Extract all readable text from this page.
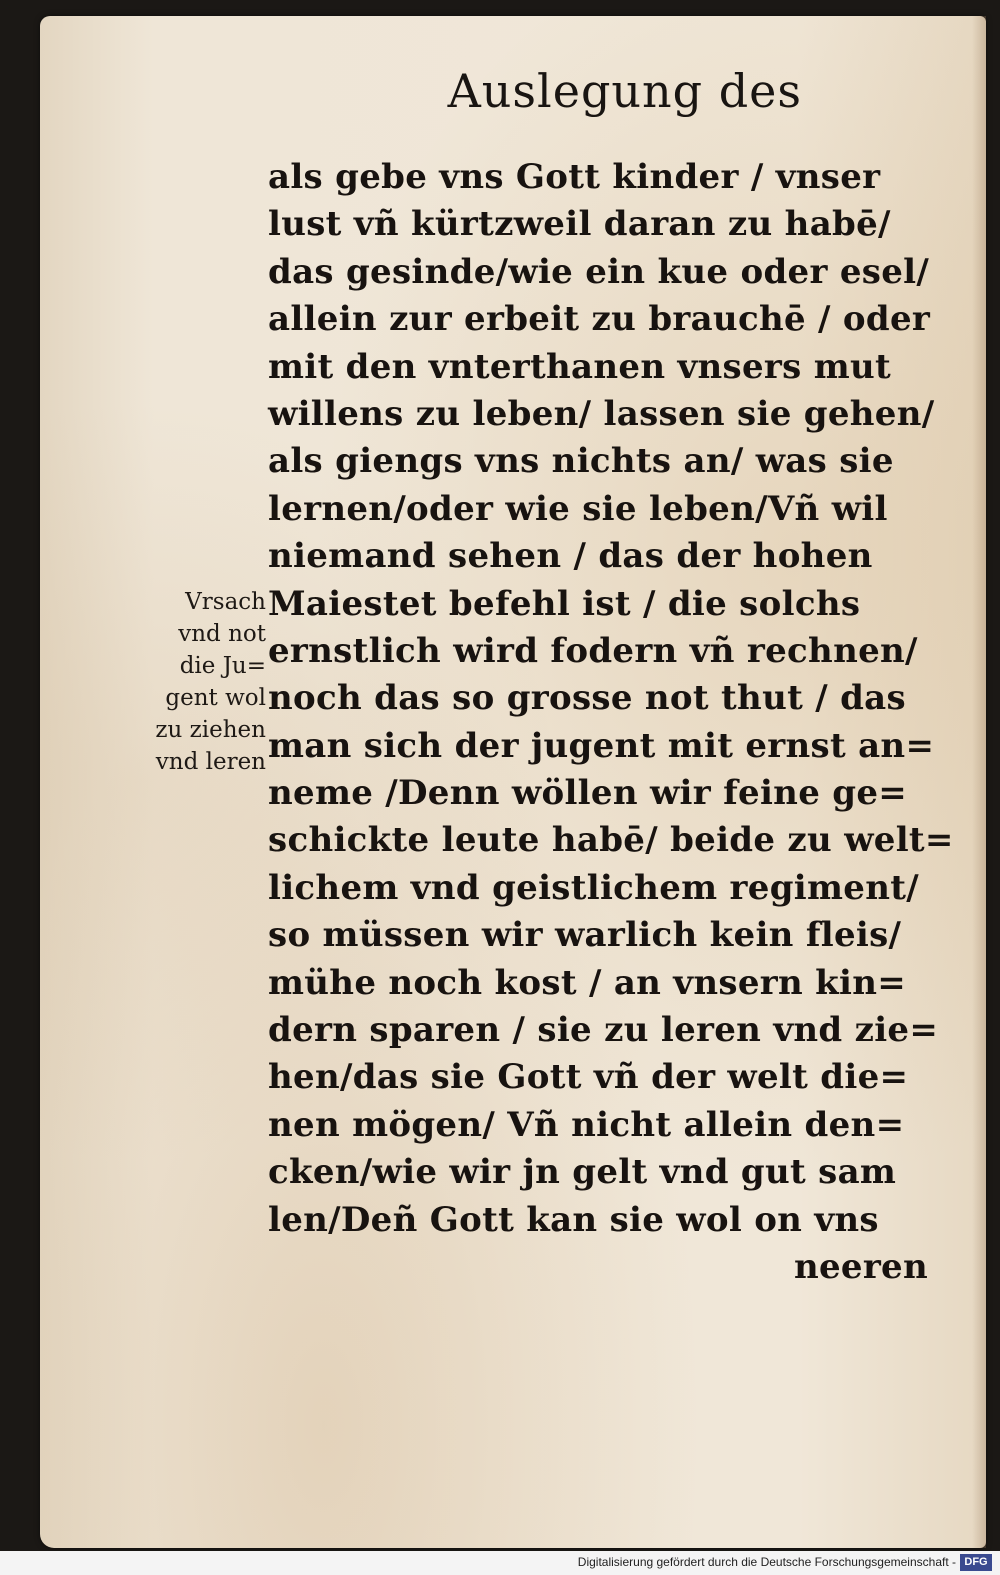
Auslegung des
Vrsach
vnd not
die Ju=
gent wol
zu ziehen
vnd leren
als gebe vns Gott kinder / vnser
lust vñ kürtzweil daran zu habē/
das gesinde/wie ein kue oder esel/
allein zur erbeit zu brauchē / oder
mit den vnterthanen vnsers mut
willens zu leben/ lassen sie gehen/
als giengs vns nichts an/ was sie
lernen/oder wie sie leben/Vñ wil
niemand sehen / das der hohen
Maiestet befehl ist / die solchs
ernstlich wird fodern vñ rechnen/
noch das so grosse not thut / das
man sich der jugent mit ernst an=
neme /Denn wöllen wir feine ge=
schickte leute habē/ beide zu welt=
lichem vnd geistlichem regiment/
so müssen wir warlich kein fleis/
mühe noch kost / an vnsern kin=
dern sparen / sie zu leren vnd zie=
hen/das sie Gott vñ der welt die=
nen mögen/ Vñ nicht allein den=
cken/wie wir jn gelt vnd gut sam
len/Deñ Gott kan sie wol on vns
neeren
Digitalisierung gefördert durch die Deutsche Forschungsgemeinschaft - DFG
